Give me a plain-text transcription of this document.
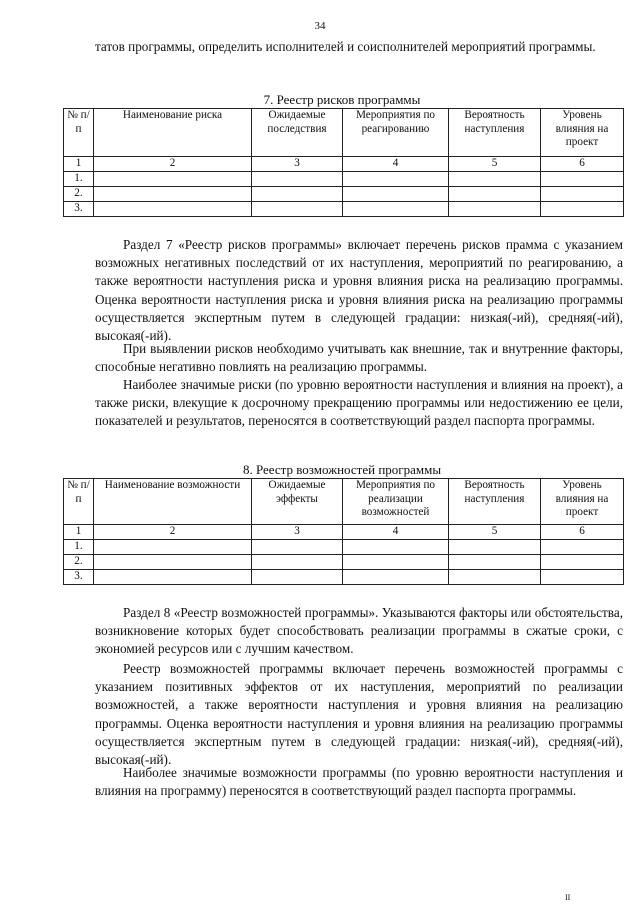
34

татов программы, определить исполнителей и соисполнителей мероприятий программы.

7. Реестр рисков программы
№ п/п	Наименование риска	Ожидаемые последствия	Мероприятия по реагированию	Вероятность наступления	Уровень влияния на проект
1	2	3	4	5	6
1.					
2.					
3.					

Раздел 7 «Реестр рисков программы» включает перечень рисков прамма с указанием возможных негативных последствий от их наступления, мероприятий по реагированию, а также вероятности наступления риска и уровня влияния риска на реализацию программы. Оценка вероятности наступления риска и уровня влияния риска на реализацию программы осуществляется экспертным путем в следующей градации: низкая(-ий), средняя(-ий), высокая(-ий).

При выявлении рисков необходимо учитывать как внешние, так и внутренние факторы, способные негативно повлиять на реализацию программы.

Наиболее значимые риски (по уровню вероятности наступления и влияния на проект), а также риски, влекущие к досрочному прекращению программы или недостижению ее цели, показателей и результатов, переносятся в соответствующий раздел паспорта программы.

8. Реестр возможностей программы
№ п/п	Наименование возможности	Ожидаемые эффекты	Мероприятия по реализации возможностей	Вероятность наступления	Уровень влияния на проект
1	2	3	4	5	6
1.					
2.					
3.					

Раздел 8 «Реестр возможностей программы». Указываются факторы или обстоятельства, возникновение которых будет способствовать реализации программы в сжатые сроки, с экономией ресурсов или с лучшим качеством.

Реестр возможностей программы включает перечень возможностей программы с указанием позитивных эффектов от их наступления, мероприятий по реализации возможностей, а также вероятности наступления и уровня влияния на реализацию программы. Оценка вероятности наступления и уровня влияния на реализацию программы осуществляется экспертным путем в следующей градации: низкая(-ий), средняя(-ий), высокая(-ий).

Наиболее значимые возможности программы (по уровню вероятности наступления и влияния на программу) переносятся в соответствующий раздел паспорта программы.

II
